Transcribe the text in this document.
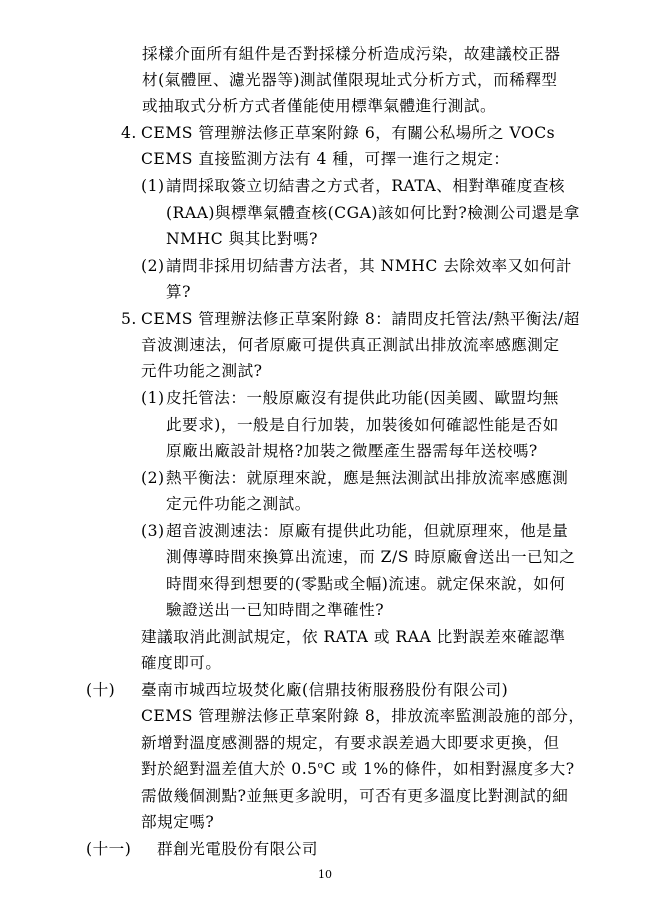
採樣介面所有組件是否對採樣分析造成污染，故建議校正器
材(氣體匣、濾光器等)測試僅限現址式分析方式，而稀釋型
或抽取式分析方式者僅能使用標準氣體進行測試。
4. CEMS 管理辦法修正草案附錄 6，有關公私場所之 VOCs
CEMS 直接監測方法有 4 種，可擇一進行之規定：
(1) 請問採取簽立切結書之方式者，RATA、相對準確度查核
(RAA)與標準氣體查核(CGA)該如何比對?檢測公司還是拿
NMHC 與其比對嗎?
(2) 請問非採用切結書方法者，其 NMHC 去除效率又如何計
算?
5. CEMS 管理辦法修正草案附錄 8：請問皮托管法/熱平衡法/超
音波測速法，何者原廠可提供真正測試出排放流率感應測定
元件功能之測試?
(1) 皮托管法：一般原廠沒有提供此功能(因美國、歐盟均無
此要求)，一般是自行加裝，加裝後如何確認性能是否如
原廠出廠設計規格?加裝之微壓產生器需每年送校嗎?
(2) 熱平衡法：就原理來說，應是無法測試出排放流率感應測
定元件功能之測試。
(3) 超音波測速法：原廠有提供此功能，但就原理來，他是量
測傳導時間來換算出流速，而 Z/S 時原廠會送出一已知之
時間來得到想要的(零點或全幅)流速。就定保來說，如何
驗證送出一已知時間之準確性?
建議取消此測試規定，依 RATA 或 RAA 比對誤差來確認準
確度即可。
(十) 臺南市城西垃圾焚化廠(信鼎技術服務股份有限公司)
CEMS 管理辦法修正草案附錄 8，排放流率監測設施的部分，
新增對溫度感測器的規定，有要求誤差過大即要求更換，但
對於絕對溫差值大於 0.5$^o$C 或 1%的條件，如相對濕度多大?
需做幾個測點?並無更多說明，可否有更多溫度比對測試的細
部規定嗎?
(十一) 群創光電股份有限公司
10
